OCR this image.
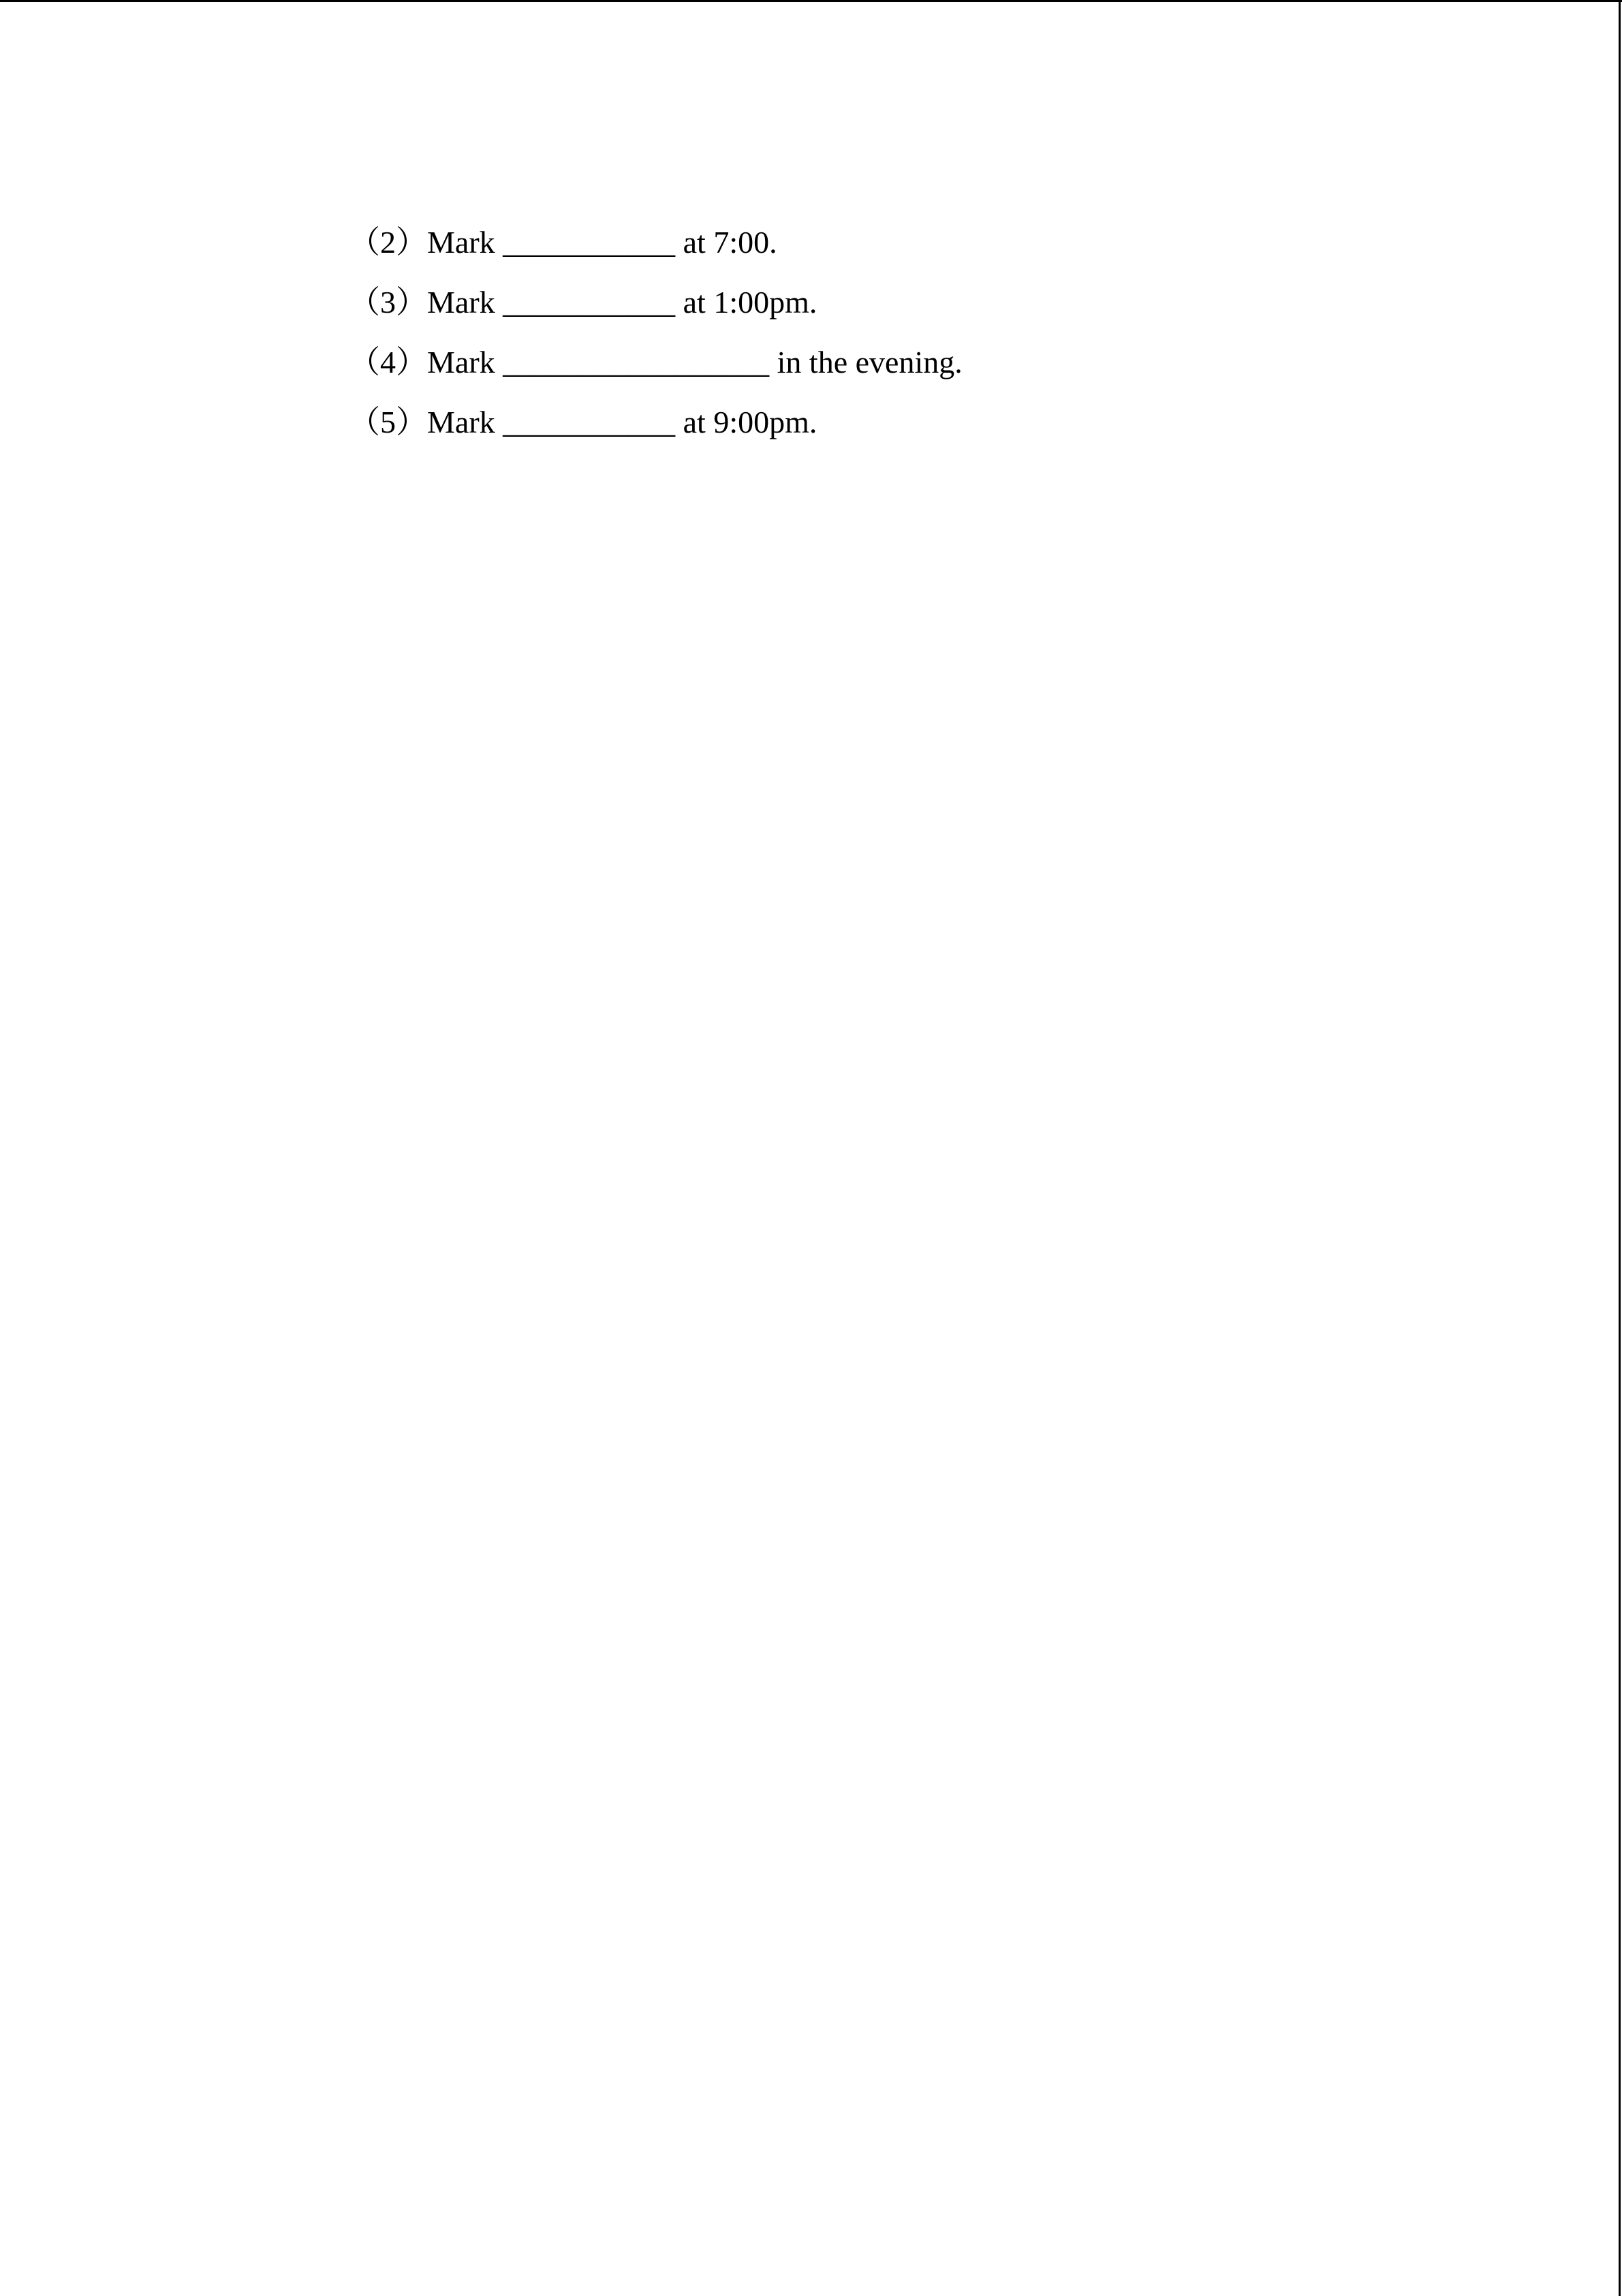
（2）Mark ___________ at 7:00.
（3）Mark ___________ at 1:00pm.
（4）Mark _________________ in the evening.
（5）Mark ___________ at 9:00pm.
